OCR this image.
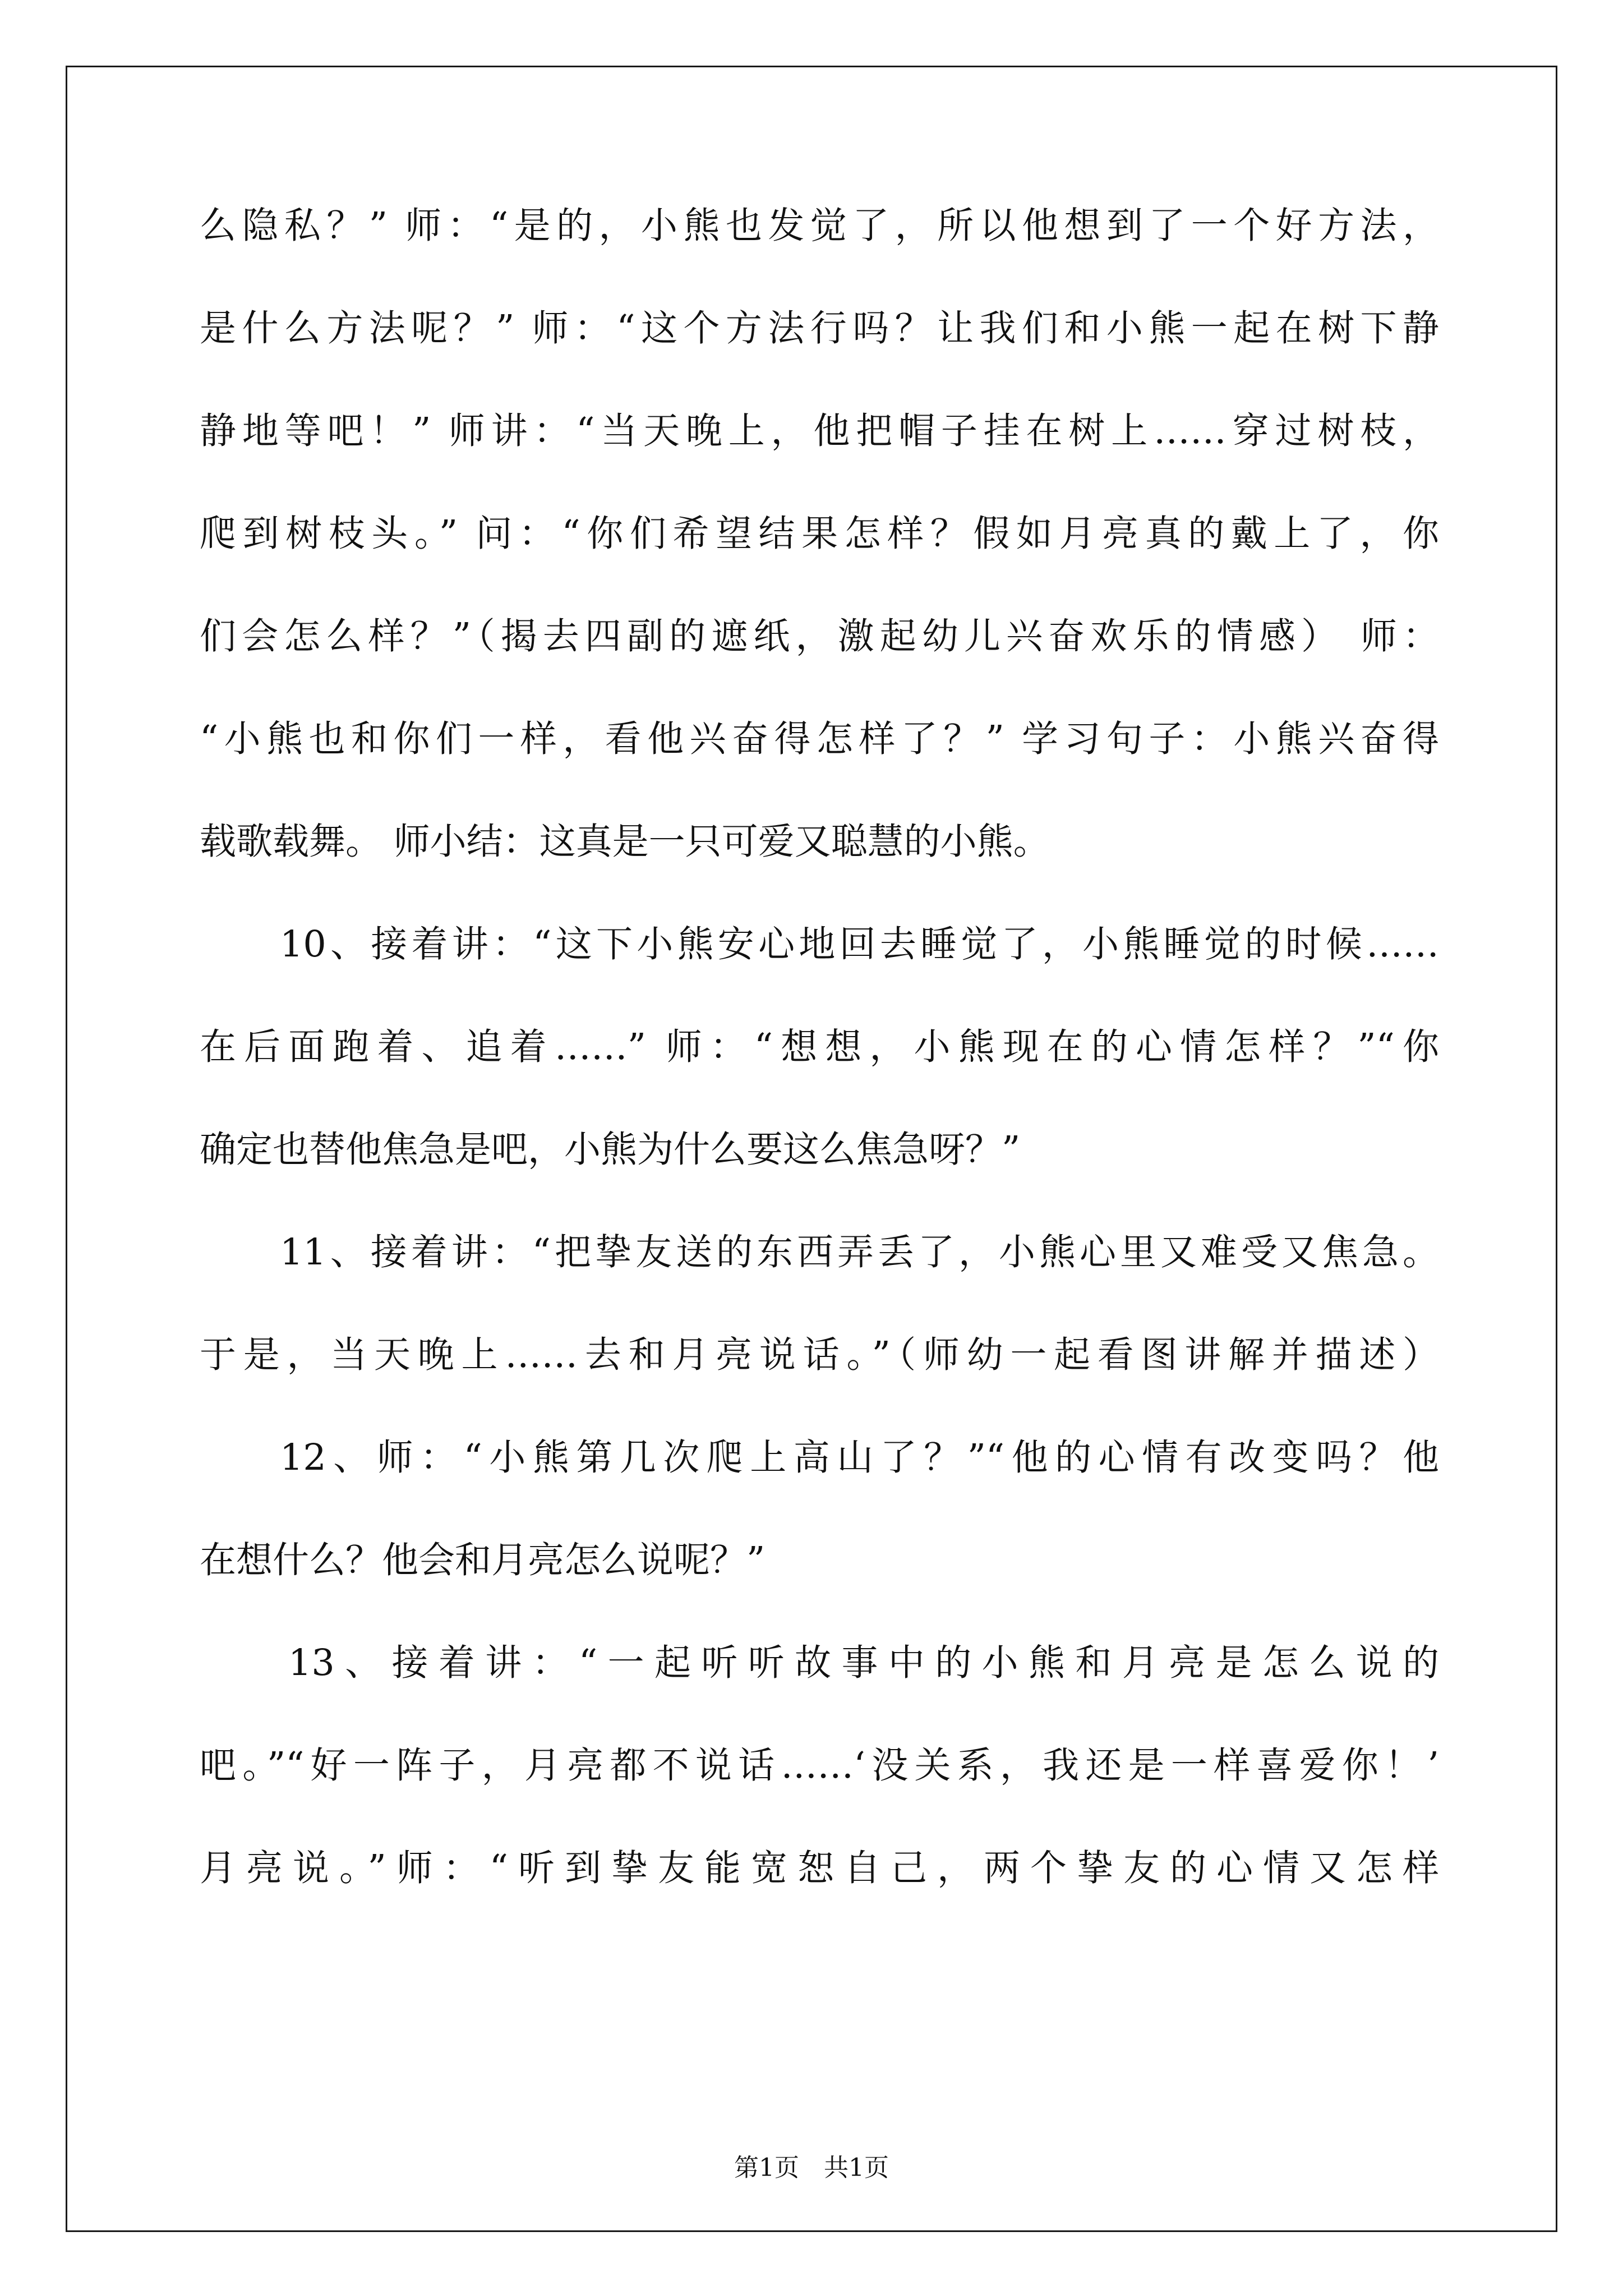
么隐私？” 师：“是的，小熊也发觉了，所以他想到了一个好方法，
是什么方法呢？” 师：“这个方法行吗？让我们和小熊一起在树下静
静地等吧！” 师讲：“当天晚上，他把帽子挂在树上……穿过树枝，
爬到树枝头。” 问：“你们希望结果怎样？假如月亮真的戴上了，你
们会怎么样？”（揭去四副的遮纸，激起幼儿兴奋欢乐的情感） 师：
“小熊也和你们一样，看他兴奋得怎样了？” 学习句子：小熊兴奋得
载歌载舞。 师小结：这真是一只可爱又聪慧的小熊。
10、接着讲：“这下小熊安心地回去睡觉了，小熊睡觉的时候……
在后面跑着、追着……” 师：“想想，小熊现在的心情怎样？”“你
确定也替他焦急是吧，小熊为什么要这么焦急呀？”
11、接着讲：“把挚友送的东西弄丢了，小熊心里又难受又焦急。
于是，当天晚上……去和月亮说话。”（师幼一起看图讲解并描述）
12、师：“小熊第几次爬上高山了？”“他的心情有改变吗？他
在想什么？他会和月亮怎么说呢？”
13、接着讲：“一起听听故事中的小熊和月亮是怎么说的
吧。”“好一阵子，月亮都不说话……‘没关系，我还是一样喜爱你！’
月亮说。”师：“听到挚友能宽恕自己，两个挚友的心情又怎样
第1页　共1页
